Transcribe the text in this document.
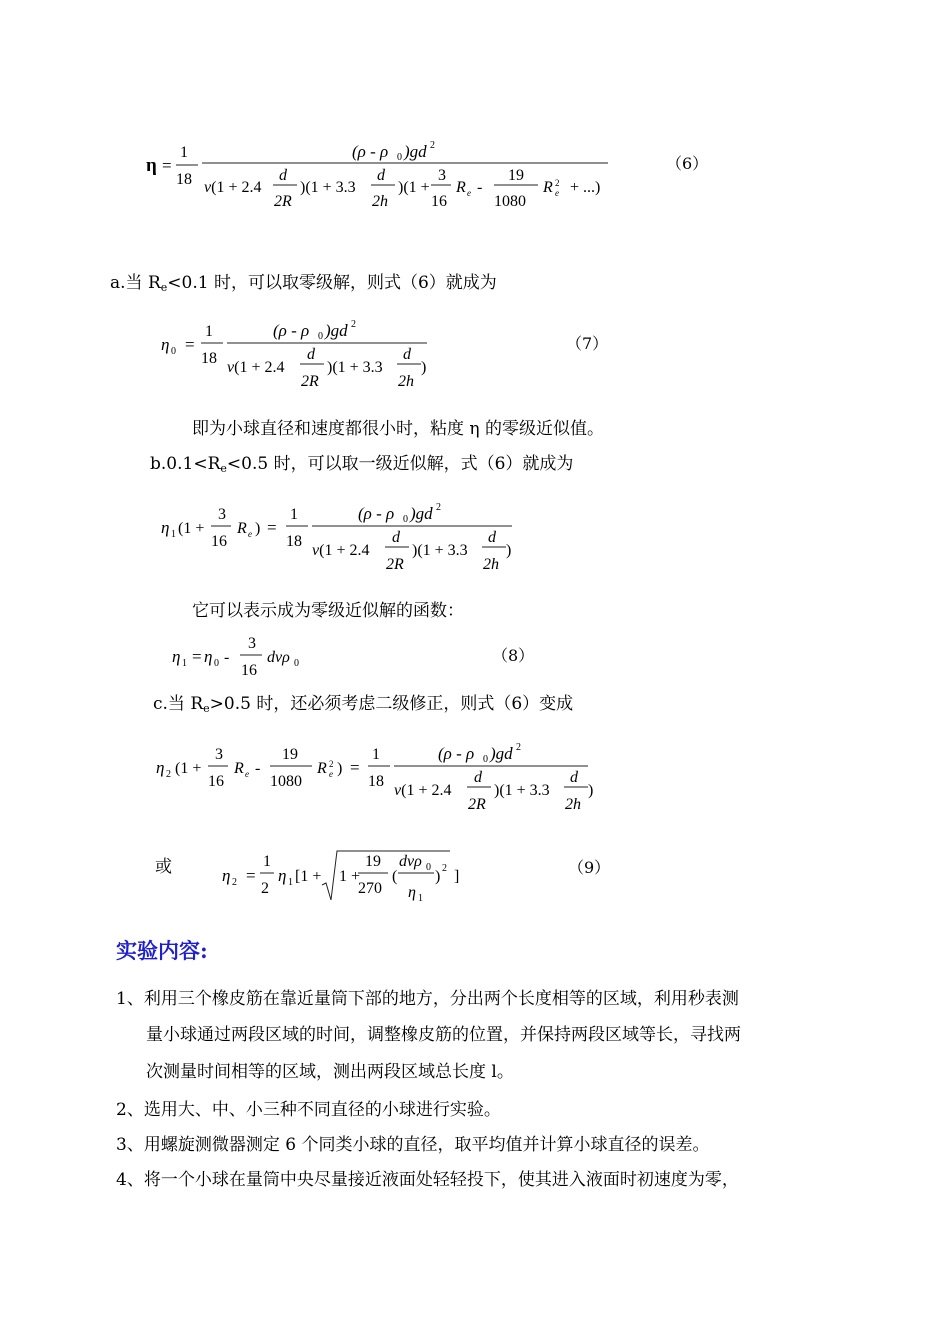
η =
1
18
(ρ - ρ 0 )gd 2
v(1 + 2.4
d
2R
)(1 + 3.3
d
2h
)(1 +
3
16
R e -
19
1080
R 2
e + ...)
（6）
a.当 $R_e<0.1$ 时，可以取零级解，则式（6）就成为
η 0 =
1
18
(ρ - ρ 0 )gd 2
v(1 + 2.4
d
2R
)(1 + 3.3
d
2h
)
（7）
即为小球直径和速度都很小时，粘度 η 的零级近似值。
$b.0.1<R_e<0.5$ 时，可以取一级近似解，式（6）就成为
η 1 (1 +
3
16
R e ) =
1
18
(ρ - ρ 0 )gd 2
v(1 + 2.4
d
2R
)(1 + 3.3
d
2h
)
它可以表示成为零级近似解的函数：
η 1 = η 0 -
3
16
dvρ 0	（8）
c.当 $R_e>0.5$ 时，还必须考虑二级修正，则式（6）变成
η 2 (1 +
3
16
R e -
19
1080
R 2
e ) =
1
18
(ρ - ρ 0 )gd 2
v(1 + 2.4
d
2R
)(1 + 3.3
d
2h
)
或	η 2 =
1
2
η 1 [1 + 1 +
19
270
(
dvρ 0
η 1
) 2 ]	（9）
实验内容:
1、利用三个橡皮筋在靠近量筒下部的地方，分出两个长度相等的区域，利用秒表测
量小球通过两段区域的时间，调整橡皮筋的位置，并保持两段区域等长，寻找两
次测量时间相等的区域，测出两段区域总长度 l。
2、选用大、中、小三种不同直径的小球进行实验。
3、用螺旋测微器测定 6 个同类小球的直径，取平均值并计算小球直径的误差。
4、将一个小球在量筒中央尽量接近液面处轻轻投下，使其进入液面时初速度为零，
